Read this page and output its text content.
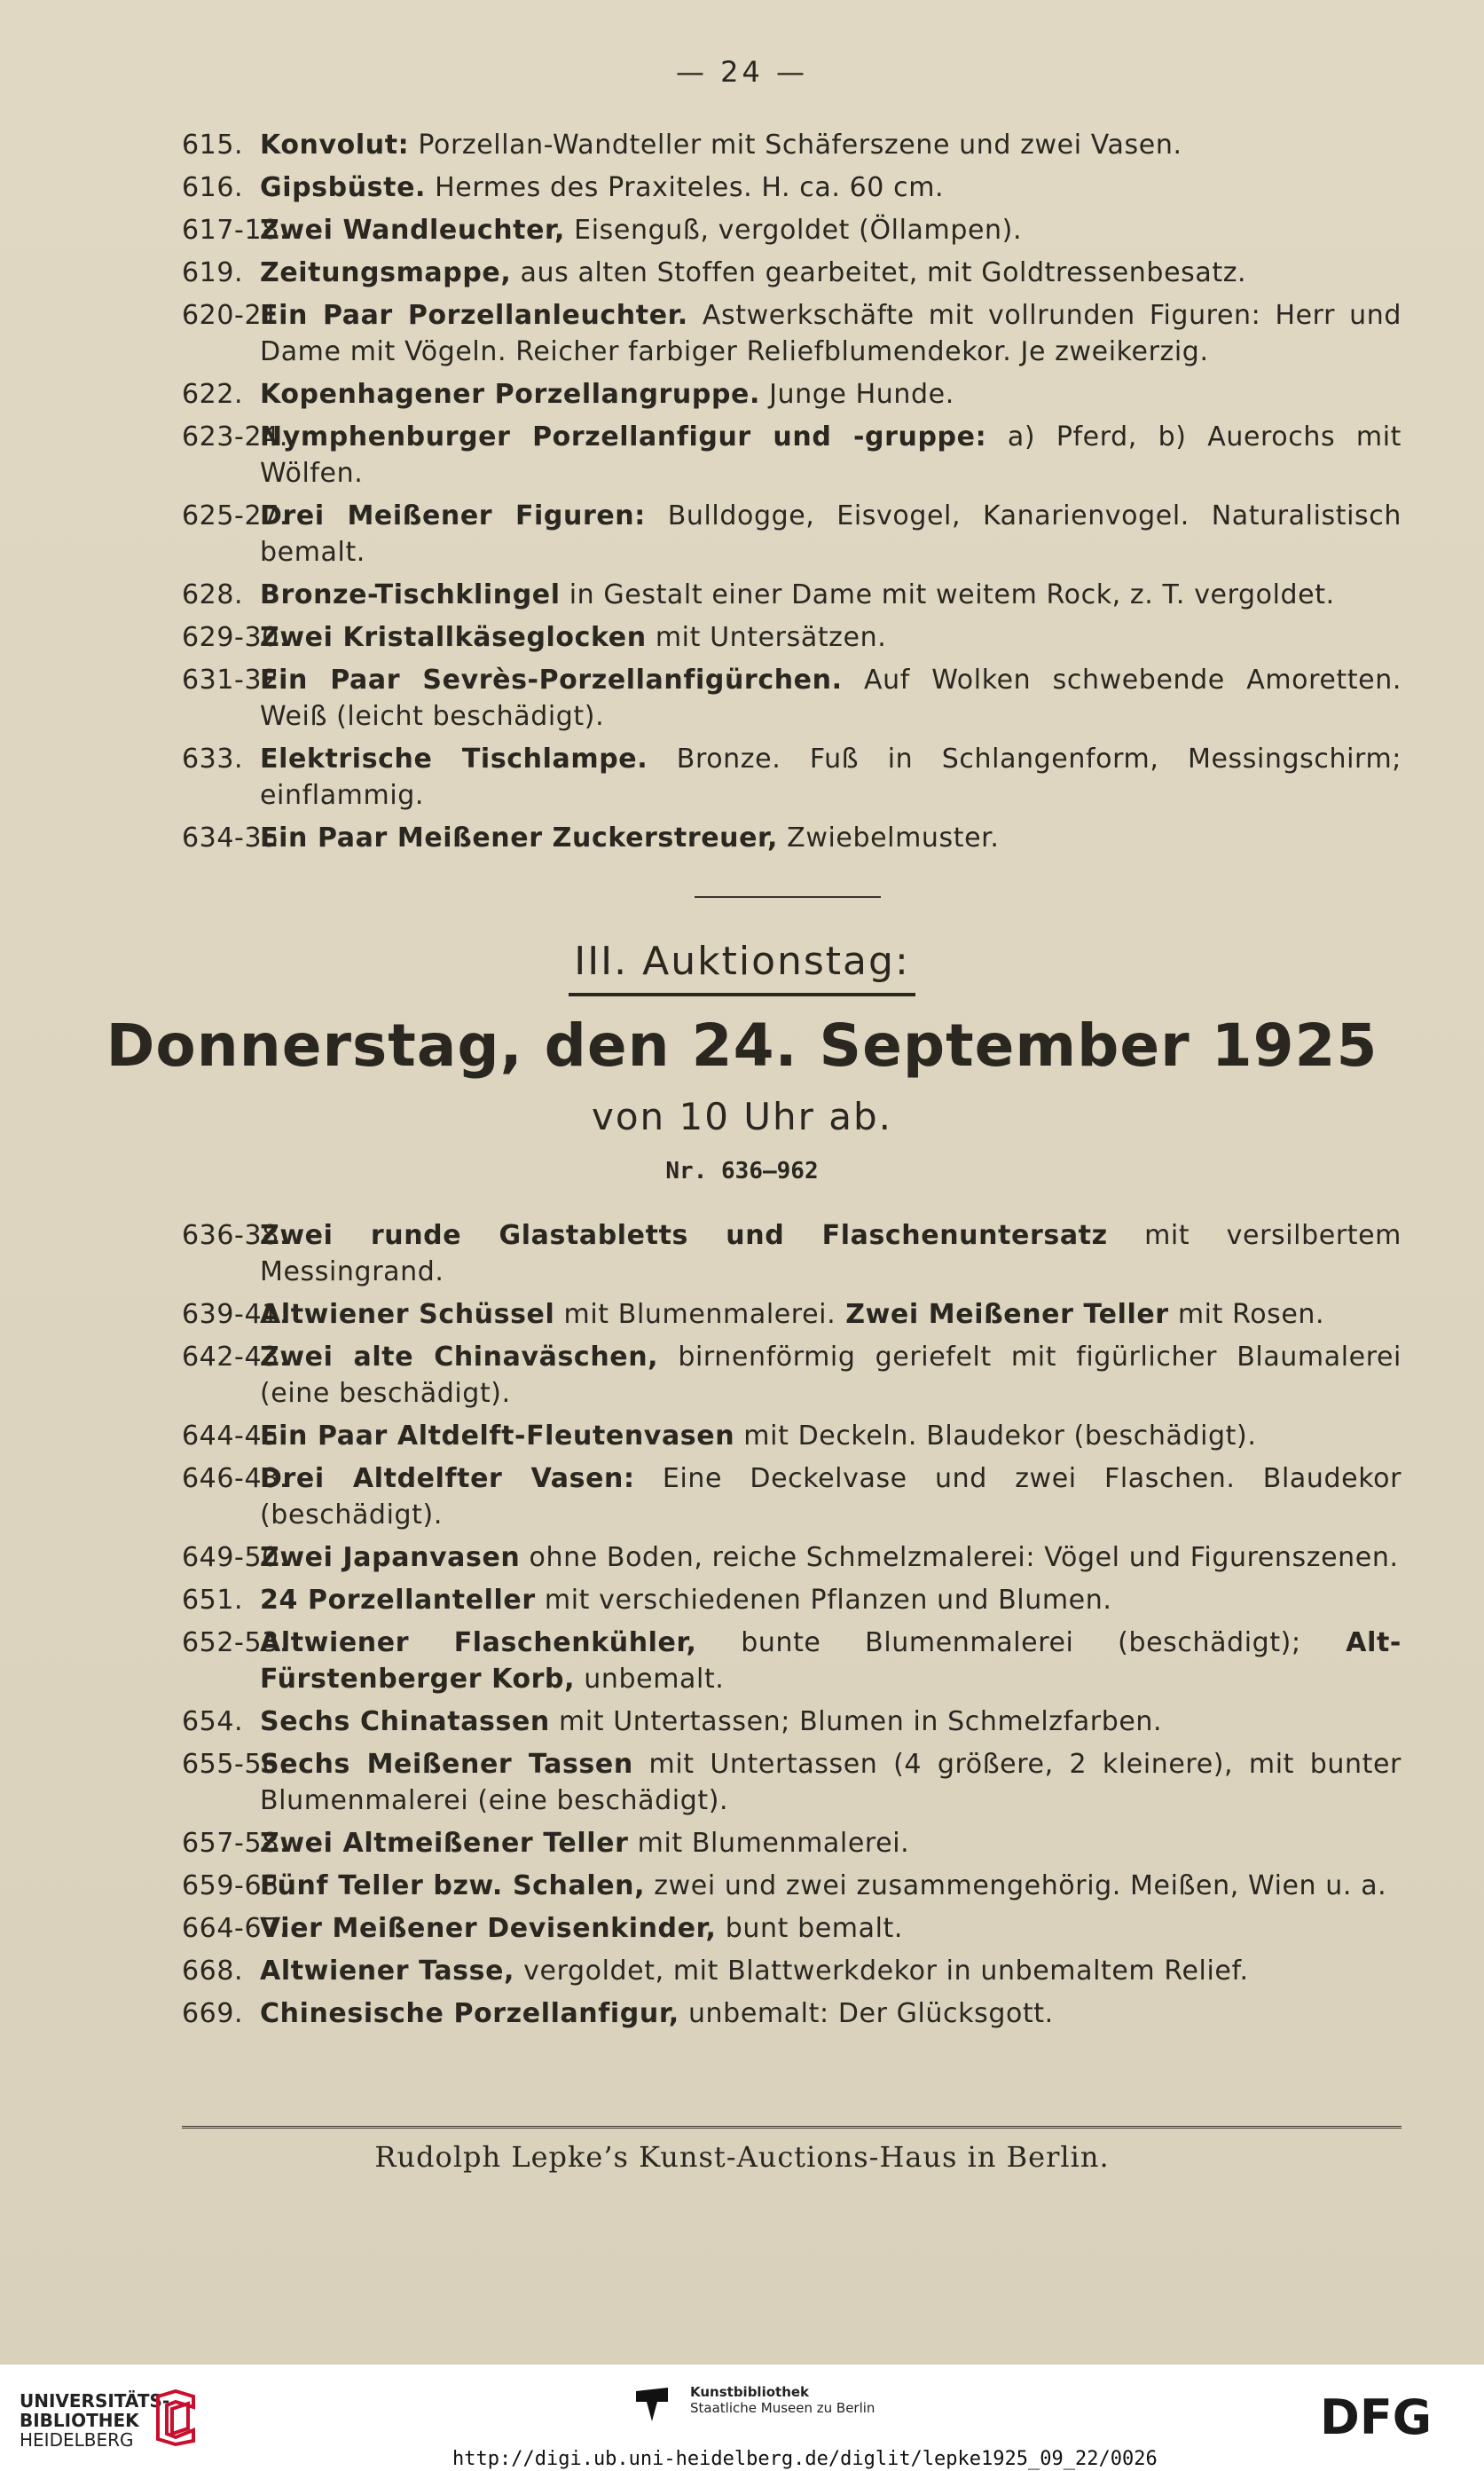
— 24 —
615. Konvolut: Porzellan-Wandteller mit Schäferszene und zwei Vasen.
616. Gipsbüste. Hermes des Praxiteles. H. ca. 60 cm.
617-18.
Zwei Wandleuchter, Eisenguß, vergoldet (Öllampen).
619. Zeitungsmappe, aus alten Stoffen gearbeitet, mit Goldtressenbesatz.
620-21.
Ein Paar Porzellanleuchter. Astwerkschäfte mit vollrunden Figuren: Herr und Dame mit Vögeln. Reicher farbiger Reliefblumendekor. Je zweikerzig.
622. Kopenhagener Porzellangruppe. Junge Hunde.
623-24.
Nymphenburger Porzellanfigur und -gruppe: a) Pferd, b) Auerochs mit Wölfen.
625-27.
Drei Meißener Figuren: Bulldogge, Eisvogel, Kanarienvogel. Naturalistisch bemalt.
628. Bronze-Tischklingel in Gestalt einer Dame mit weitem Rock, z. T. vergoldet.
629-30.
Zwei Kristallkäseglocken mit Untersätzen.
631-32.
Ein Paar Sevrès-Porzellanfigürchen. Auf Wolken schwebende Amoretten. Weiß (leicht beschädigt).
633. Elektrische Tischlampe. Bronze. Fuß in Schlangenform, Messingschirm; einflammig.
634-35.
Ein Paar Meißener Zuckerstreuer, Zwiebelmuster.
III. Auktionstag:
Donnerstag, den 24. September 1925
von 10 Uhr ab.
Nr. 636—962
636-38.
Zwei runde Glastabletts und Flaschenuntersatz mit versilbertem Messingrand.
639-41.
Altwiener Schüssel mit Blumenmalerei. Zwei Meißener Teller mit Rosen.
642-43.
Zwei alte Chinaväschen, birnenförmig geriefelt mit figürlicher Blaumalerei (eine beschädigt).
644-45.
Ein Paar Altdelft-Fleutenvasen mit Deckeln. Blaudekor (beschädigt).
646-48.
Drei Altdelfter Vasen: Eine Deckelvase und zwei Flaschen. Blaudekor (beschädigt).
649-50.
Zwei Japanvasen ohne Boden, reiche Schmelzmalerei: Vögel und Figurenszenen.
651. 24 Porzellanteller mit verschiedenen Pflanzen und Blumen.
652-53.
Altwiener Flaschenkühler, bunte Blumenmalerei (beschädigt); Alt-Fürstenberger Korb, unbemalt.
654. Sechs Chinatassen mit Untertassen; Blumen in Schmelzfarben.
655-56.
Sechs Meißener Tassen mit Untertassen (4 größere, 2 kleinere), mit bunter Blumenmalerei (eine beschädigt).
657-58.
Zwei Altmeißener Teller mit Blumenmalerei.
659-63.
Fünf Teller bzw. Schalen, zwei und zwei zusammengehörig. Meißen, Wien u. a.
664-67.
Vier Meißener Devisenkinder, bunt bemalt.
668. Altwiener Tasse, vergoldet, mit Blattwerkdekor in unbemaltem Relief.
669. Chinesische Porzellanfigur, unbemalt: Der Glücksgott.
Rudolph Lepke’s Kunst-Auctions-Haus in Berlin.
UNIVERSITÄTS-
BIBLIOTHEK
HEIDELBERG
Kunstbibliothek
Staatliche Museen zu Berlin	DFG
http://digi.ub.uni-heidelberg.de/diglit/lepke1925_09_22/0026
